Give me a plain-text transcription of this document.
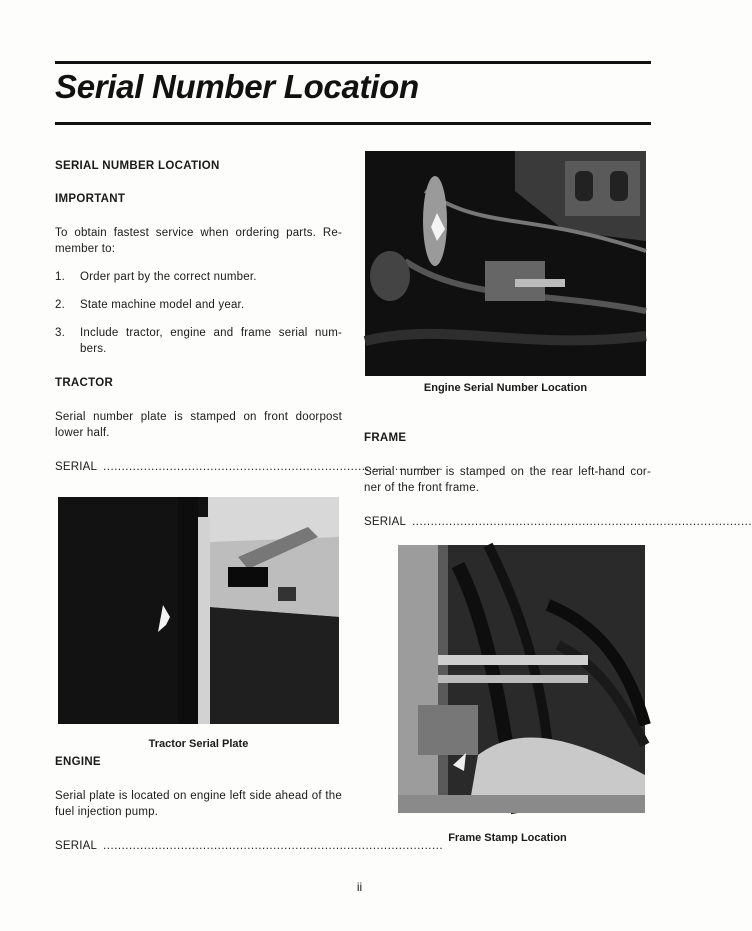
Serial Number Location

SERIAL NUMBER LOCATION

IMPORTANT

To obtain fastest service when ordering parts. Re-member to:

1.	Order part by the correct number.
2.	State machine model and year.
3.	Include tractor, engine and frame serial num-bers.

TRACTOR

Serial number plate is stamped on front doorpost lower half.

SERIAL ............................................................................................
Tractor Serial Plate

ENGINE

Serial plate is located on engine left side ahead of the fuel injection pump.

SERIAL ............................................................................................
Engine Serial Number Location

FRAME

Serial number is stamped on the rear left-hand cor-ner of the front frame.

SERIAL ............................................................................................
Frame Stamp Location
ii
